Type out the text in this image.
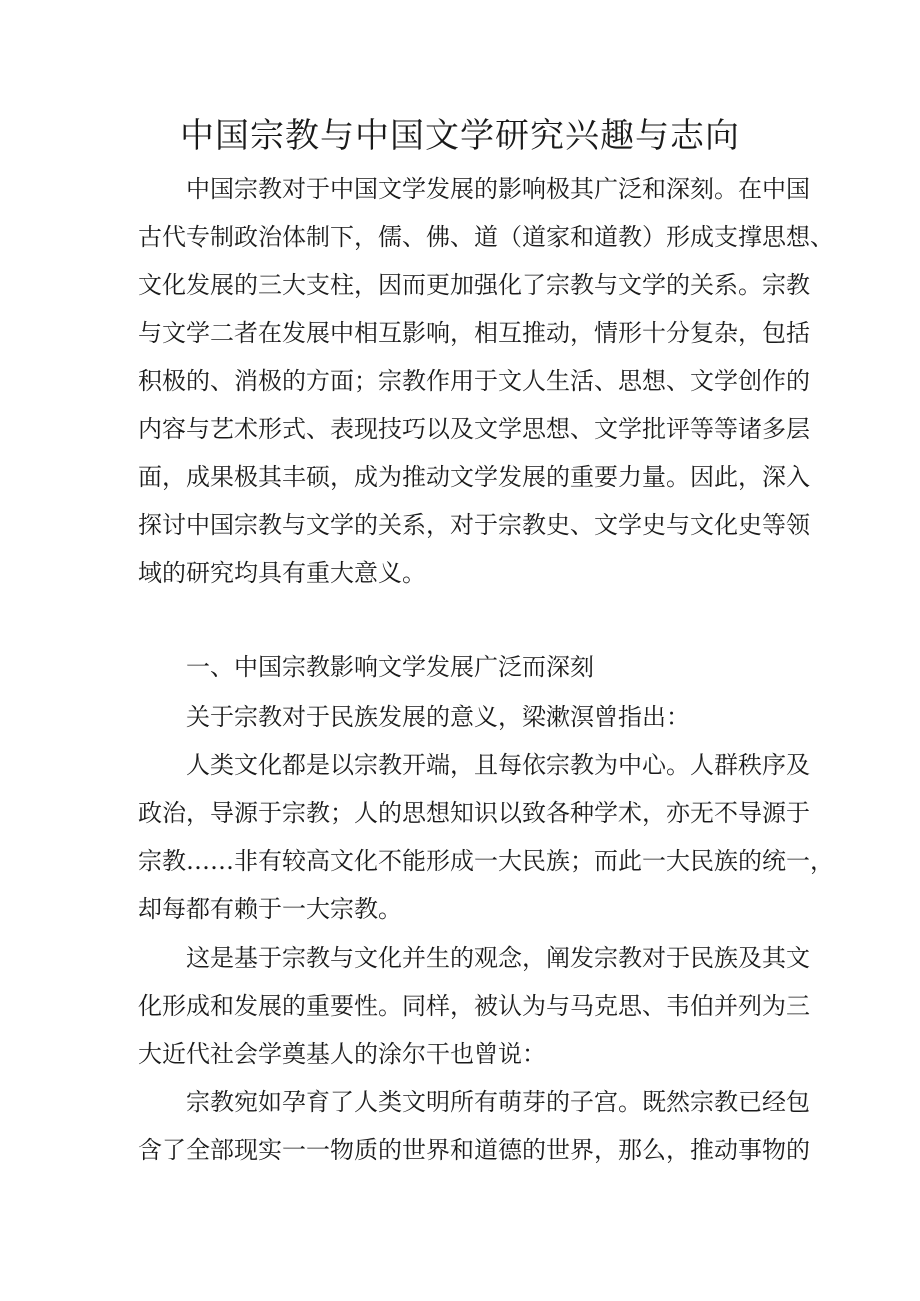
中国宗教与中国文学研究兴趣与志向
中国宗教对于中国文学发展的影响极其广泛和深刻。在中国
古代专制政治体制下，儒、佛、道（道家和道教）形成支撑思想、
文化发展的三大支柱，因而更加强化了宗教与文学的关系。宗教
与文学二者在发展中相互影响，相互推动，情形十分复杂，包括
积极的、消极的方面；宗教作用于文人生活、思想、文学创作的
内容与艺术形式、表现技巧以及文学思想、文学批评等等诸多层
面，成果极其丰硕，成为推动文学发展的重要力量。因此，深入
探讨中国宗教与文学的关系，对于宗教史、文学史与文化史等领
域的研究均具有重大意义。
一、中国宗教影响文学发展广泛而深刻
关于宗教对于民族发展的意义，梁漱溟曾指出：
人类文化都是以宗教开端，且每依宗教为中心。人群秩序及
政治，导源于宗教；人的思想知识以致各种学术，亦无不导源于
宗教……非有较高文化不能形成一大民族；而此一大民族的统一，
却每都有赖于一大宗教。
这是基于宗教与文化并生的观念，阐发宗教对于民族及其文
化形成和发展的重要性。同样，被认为与马克思、韦伯并列为三
大近代社会学奠基人的涂尔干也曾说：
宗教宛如孕育了人类文明所有萌芽的子宫。既然宗教已经包
含了全部现实一一物质的世界和道德的世界，那么，推动事物的
